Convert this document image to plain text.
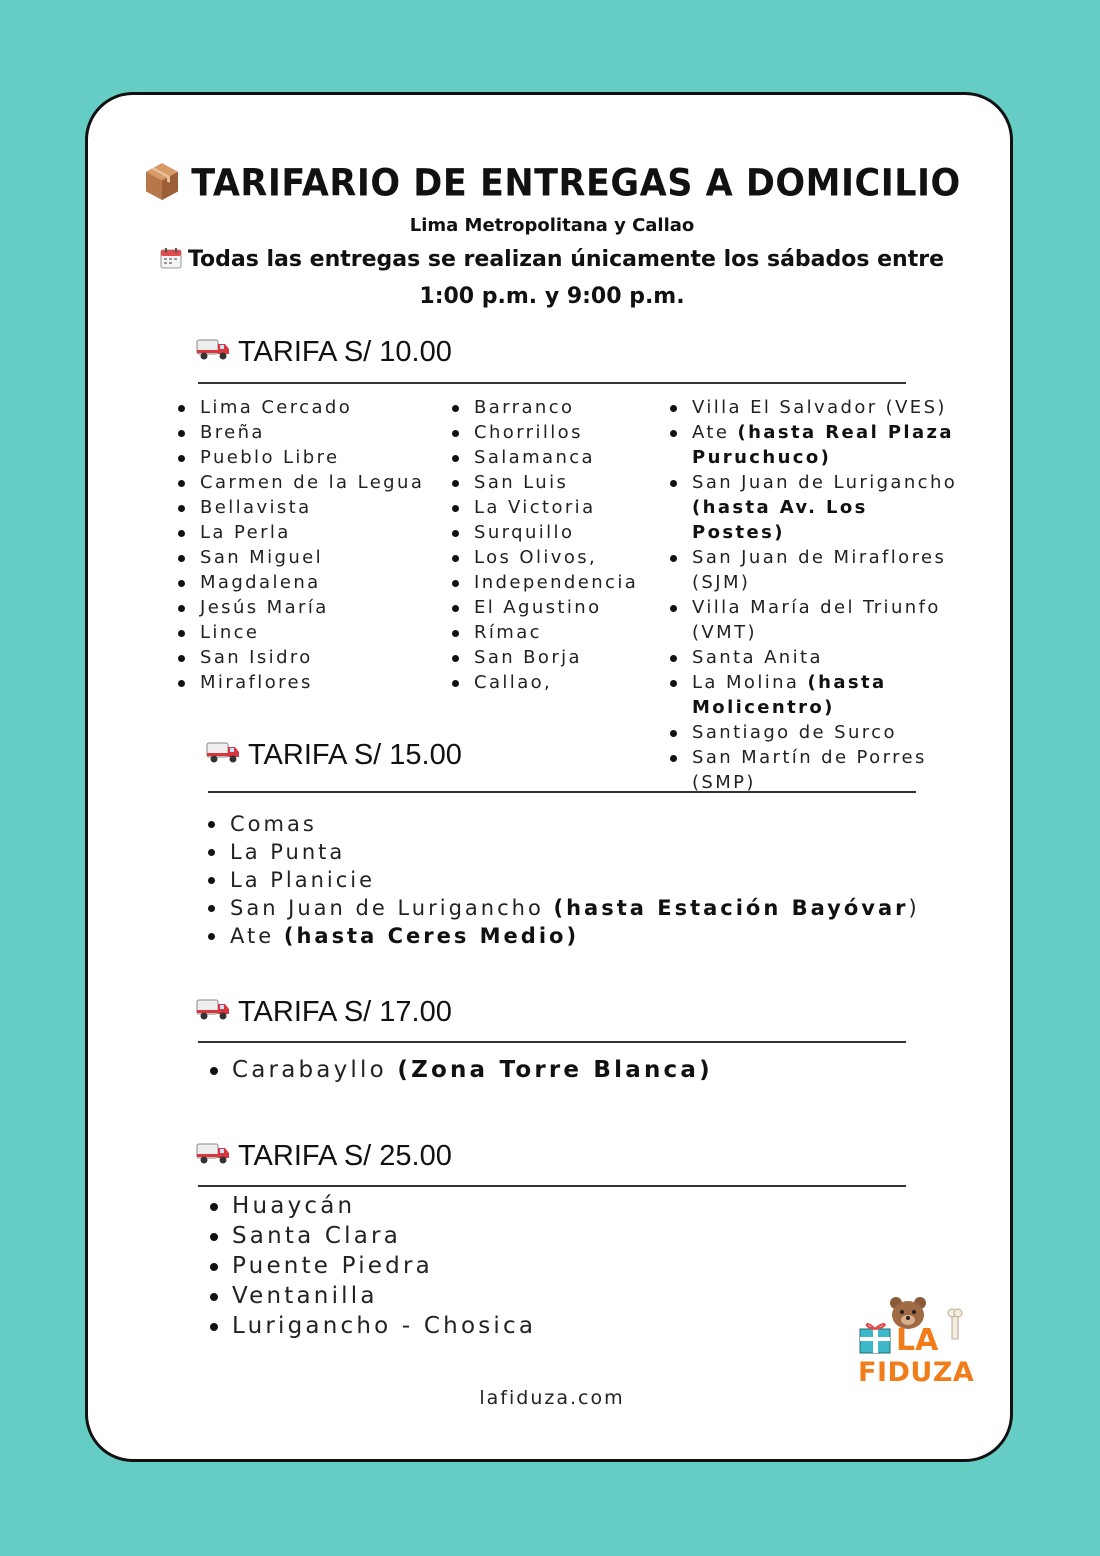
TARIFARIO DE ENTREGAS A DOMICILIO
Lima Metropolitana y Callao
Todas las entregas se realizan únicamente los sábados entre
1:00 p.m. y 9:00 p.m.
TARIFA S/ 10.00
Lima Cercado
Breña
Pueblo Libre
Carmen de la Legua
Bellavista
La Perla
San Miguel
Magdalena
Jesús María
Lince
San Isidro
Miraflores
Barranco
Chorrillos
Salamanca
San Luis
La Victoria
Surquillo
Los Olivos,
Independencia
El Agustino
Rímac
San Borja
Callao,
Villa El Salvador (VES)
Ate (hasta Real Plaza Puruchuco)
San Juan de Lurigancho (hasta Av. Los Postes)
San Juan de Miraflores (SJM)
Villa María del Triunfo (VMT)
Santa Anita
La Molina (hasta Molicentro)
Santiago de Surco
San Martín de Porres (SMP)
TARIFA S/ 15.00
Comas
La Punta
La Planicie
San Juan de Lurigancho (hasta Estación Bayóvar)
Ate (hasta Ceres Medio)
TARIFA S/ 17.00
Carabayllo (Zona Torre Blanca)
TARIFA S/ 25.00
Huaycán
Santa Clara
Puente Piedra
Ventanilla
Lurigancho - Chosica	LA
FIDUZA
lafiduza.com
